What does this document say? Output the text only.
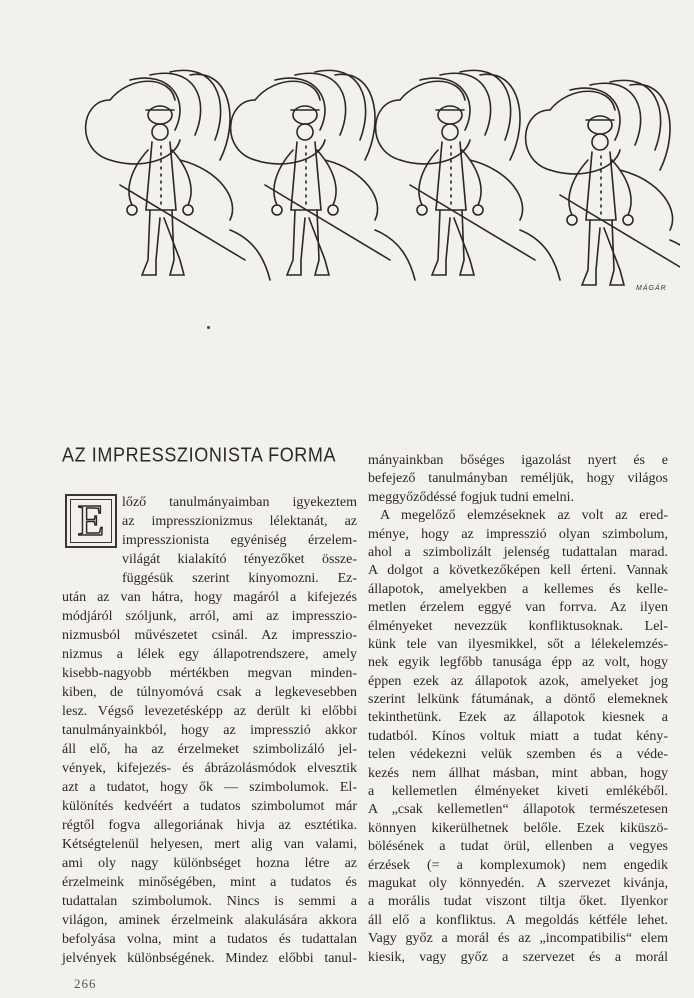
MÁGÁR
AZ IMPRESSZIONISTA FORMA
E	lőző tanulmányaimban igyekeztem
az impresszionizmus lélektanát, az
impresszionista egyéniség érzelem-
világát kialakító tényezőket össze-
függésük szerint kinyomozni. Ez-
után az van hátra, hogy magáról a kifejezés
módjáról szóljunk, arról, ami az impresszio-
nizmusból művészetet csinál. Az impresszio-
nizmus a lélek egy állapotrendszere, amely
kisebb-nagyobb mértékben megvan minden-
kiben, de túlnyomóvá csak a legkevesebben
lesz. Végső levezetésképp az derült ki előbbi
tanulmányainkból, hogy az impresszió akkor
áll elő, ha az érzelmeket szimbolizáló jel-
vények, kifejezés- és ábrázolásmódok elvesztik
azt a tudatot, hogy ők — szimbolumok. El-
különítés kedvéért a tudatos szimbolumot már
régtől fogva allegoriának hivja az esztétika.
Kétségtelenül helyesen, mert alig van valami,
ami oly nagy különbséget hozna létre az
érzelmeink minőségében, mint a tudatos és
tudattalan szimbolumok. Nincs is semmi a
világon, aminek érzelmeink alakulására akkora
befolyása volna, mint a tudatos és tudattalan
jelvények különbségének. Mindez előbbi tanul-
mányainkban bőséges igazolást nyert és e
befejező tanulmányban reméljük, hogy világos
meggyőződéssé fogjuk tudni emelni.
A megelőző elemzéseknek az volt az ered-
ménye, hogy az impresszió olyan szimbolum,
ahol a szimbolizált jelenség tudattalan marad.
A dolgot a következőképen kell érteni. Vannak
állapotok, amelyekben a kellemes és kelle-
metlen érzelem eggyé van forrva. Az ilyen
élményeket nevezzük konfliktusoknak. Lel-
künk tele van ilyesmikkel, sőt a lélekelemzés-
nek egyik legfőbb tanusága épp az volt, hogy
éppen ezek az állapotok azok, amelyeket jog
szerint lelkünk fátumának, a döntő elemeknek
tekinthetünk. Ezek az állapotok kiesnek a
tudatból. Kínos voltuk miatt a tudat kény-
telen védekezni velük szemben és a véde-
kezés nem állhat másban, mint abban, hogy
a kellemetlen élményeket kiveti emlékéből.
A „csak kellemetlen“ állapotok természetesen
könnyen kikerülhetnek belőle. Ezek kiküszö-
bölésének a tudat örül, ellenben a vegyes
érzések (= a komplexumok) nem engedik
magukat oly könnyedén. A szervezet kivánja,
a morális tudat viszont tiltja őket. Ilyenkor
áll elő a konfliktus. A megoldás kétféle lehet.
Vagy győz a morál és az „incompatibilis“ elem
kiesik, vagy győz a szervezet és a morál
266
